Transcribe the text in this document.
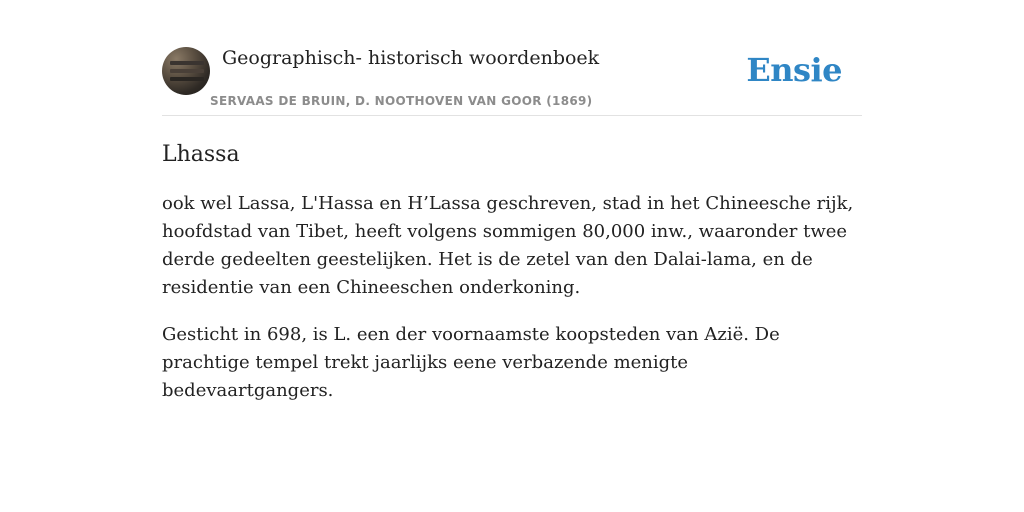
Geographisch- historisch woordenboek
SERVAAS DE BRUIN, D. NOOTHOVEN VAN GOOR (1869)
Ensie
Lhassa

ook wel Lassa, L'Hassa en H’Lassa geschreven, stad in het Chineesche rijk, hoofdstad van Tibet, heeft volgens sommigen 80,000 inw., waaronder twee derde gedeelten geestelijken. Het is de zetel van den Dalai-lama, en de residentie van een Chineeschen onderkoning.

Gesticht in 698, is L. een der voornaamste koopsteden van Azië. De prachtige tempel trekt jaarlijks eene verbazende menigte bedevaartgangers.
